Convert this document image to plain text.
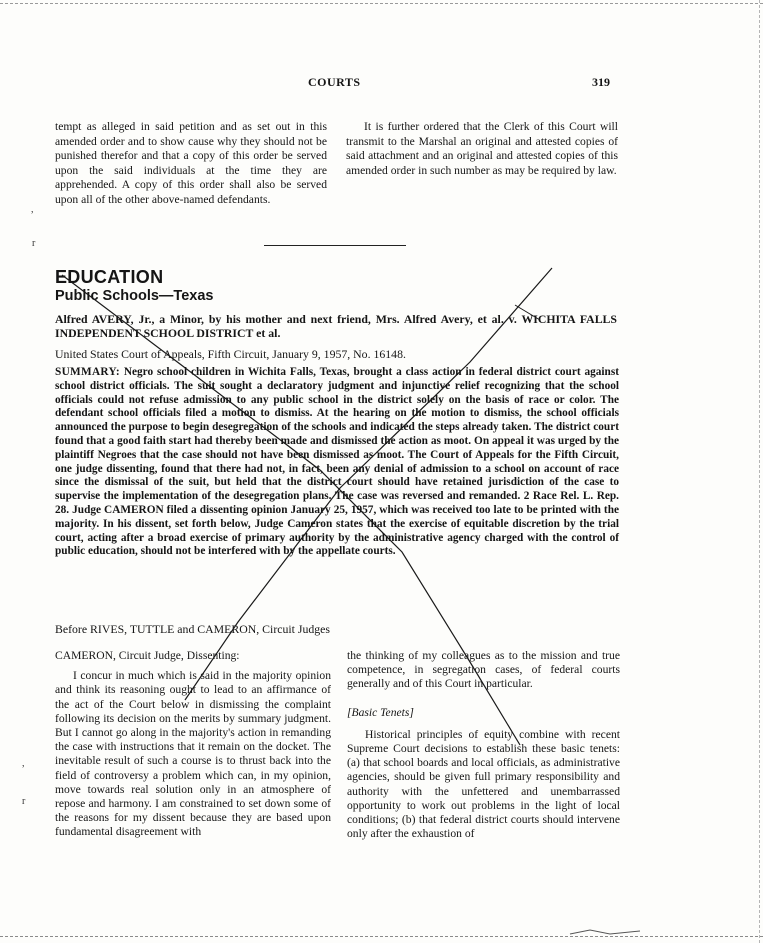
COURTS	319

tempt as alleged in said petition and as set out in this amended order and to show cause why they should not be punished therefor and that a copy of this order be served upon the said individuals at the time they are apprehended. A copy of this order shall also be served upon all of the other above-named defendants.

It is further ordered that the Clerk of this Court will transmit to the Marshal an original and attested copies of said attachment and an original and attested copies of this amended order in such number as may be required by law.

,
r
EDUCATION
Public Schools—Texas
Alfred AVERY, Jr., a Minor, by his mother and next friend, Mrs. Alfred Avery, et al. v. WICHITA FALLS INDEPENDENT SCHOOL DISTRICT et al.
United States Court of Appeals, Fifth Circuit, January 9, 1957, No. 16148.
SUMMARY: Negro school children in Wichita Falls, Texas, brought a class action in federal district court against school district officials. The suit sought a declaratory judgment and injunctive relief recognizing that the school officials could not refuse admission to any public school in the district solely on the basis of race or color. The defendant school officials filed a motion to dismiss. At the hearing on the motion to dismiss, the school officials announced the purpose to begin desegregation of the schools and indicated the steps already taken. The district court found that a good faith start had thereby been made and dismissed the action as moot. On appeal it was urged by the plaintiff Negroes that the case should not have been dismissed as moot. The Court of Appeals for the Fifth Circuit, one judge dissenting, found that there had not, in fact, been any denial of admission to a school on account of race since the dismissal of the suit, but held that the district court should have retained jurisdiction of the case to supervise the implementation of the desegregation plans. The case was reversed and remanded. 2 Race Rel. L. Rep. 28. Judge CAMERON filed a dissenting opinion January 25, 1957, which was received too late to be printed with the majority. In his dissent, set forth below, Judge Cameron states that the exercise of equitable discretion by the trial court, acting after a broad exercise of primary authority by the administrative agency charged with the control of public education, should not be interfered with by the appellate courts.
Before RIVES, TUTTLE and CAMERON, Circuit Judges

CAMERON, Circuit Judge, Dissenting:

I concur in much which is said in the majority opinion and think its reasoning ought to lead to an affirmance of the act of the Court below in dismissing the complaint following its decision on the merits by summary judgment. But I cannot go along in the majority's action in remanding the case with instructions that it remain on the docket. The inevitable result of such a course is to thrust back into the field of controversy a problem which can, in my opinion, move towards real solution only in an atmosphere of repose and harmony. I am constrained to set down some of the reasons for my dissent because they are based upon fundamental disagreement with

the thinking of my colleagues as to the mission and true competence, in segregation cases, of federal courts generally and of this Court in particular.

[Basic Tenets]

Historical principles of equity combine with recent Supreme Court decisions to establish these basic tenets: (a) that school boards and local officials, as administrative agencies, should be given full primary responsibility and authority with the unfettered and unembarrassed opportunity to work out problems in the light of local conditions; (b) that federal district courts should intervene only after the exhaustion of

,
r
